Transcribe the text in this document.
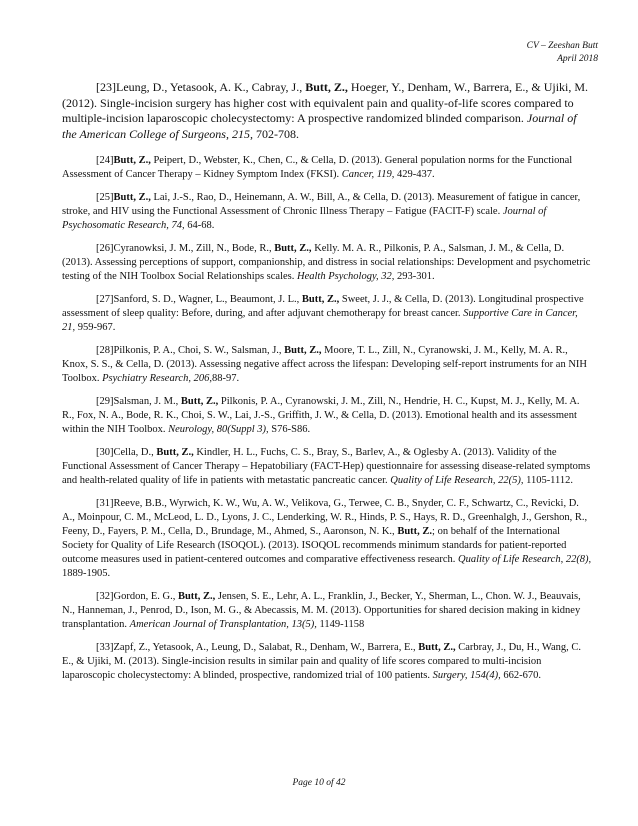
CV – Zeeshan Butt
April 2018

[23]Leung, D., Yetasook, A. K., Cabray, J., Butt, Z., Hoeger, Y., Denham, W., Barrera, E., & Ujiki, M. (2012). Single-incision surgery has higher cost with equivalent pain and quality-of-life scores compared to multiple-incision laparoscopic cholecystectomy: A prospective randomized blinded comparison. Journal of the American College of Surgeons, 215, 702-708.

[24]Butt, Z., Peipert, D., Webster, K., Chen, C., & Cella, D. (2013). General population norms for the Functional Assessment of Cancer Therapy – Kidney Symptom Index (FKSI). Cancer, 119, 429-437.

[25]Butt, Z., Lai, J.-S., Rao, D., Heinemann, A. W., Bill, A., & Cella, D. (2013). Measurement of fatigue in cancer, stroke, and HIV using the Functional Assessment of Chronic Illness Therapy – Fatigue (FACIT-F) scale. Journal of Psychosomatic Research, 74, 64-68.

[26]Cyranowksi, J. M., Zill, N., Bode, R., Butt, Z., Kelly. M. A. R., Pilkonis, P. A., Salsman, J. M., & Cella, D. (2013). Assessing perceptions of support, companionship, and distress in social relationships: Development and psychometric testing of the NIH Toolbox Social Relationships scales. Health Psychology, 32, 293-301.

[27]Sanford, S. D., Wagner, L., Beaumont, J. L., Butt, Z., Sweet, J. J., & Cella, D. (2013). Longitudinal prospective assessment of sleep quality: Before, during, and after adjuvant chemotherapy for breast cancer. Supportive Care in Cancer, 21, 959-967.

[28]Pilkonis, P. A., Choi, S. W., Salsman, J., Butt, Z., Moore, T. L., Zill, N., Cyranowski, J. M., Kelly, M. A. R., Knox, S. S., & Cella, D. (2013). Assessing negative affect across the lifespan: Developing self-report instruments for an NIH Toolbox. Psychiatry Research, 206,88-97.

[29]Salsman, J. M., Butt, Z., Pilkonis, P. A., Cyranowski, J. M., Zill, N., Hendrie, H. C., Kupst, M. J., Kelly, M. A. R., Fox, N. A., Bode, R. K., Choi, S. W., Lai, J.-S., Griffith, J. W., & Cella, D. (2013). Emotional health and its assessment within the NIH Toolbox. Neurology, 80(Suppl 3), S76-S86.

[30]Cella, D., Butt, Z., Kindler, H. L., Fuchs, C. S., Bray, S., Barlev, A., & Oglesby A. (2013). Validity of the Functional Assessment of Cancer Therapy – Hepatobiliary (FACT-Hep) questionnaire for assessing disease-related symptoms and health-related quality of life in patients with metastatic pancreatic cancer. Quality of Life Research, 22(5), 1105-1112.

[31]Reeve, B.B., Wyrwich, K. W., Wu, A. W., Velikova, G., Terwee, C. B., Snyder, C. F., Schwartz, C., Revicki, D. A., Moinpour, C. M., McLeod, L. D., Lyons, J. C., Lenderking, W. R., Hinds, P. S., Hays, R. D., Greenhalgh, J., Gershon, R., Feeny, D., Fayers, P. M., Cella, D., Brundage, M., Ahmed, S., Aaronson, N. K., Butt, Z.; on behalf of the International Society for Quality of Life Research (ISOQOL). (2013). ISOQOL recommends minimum standards for patient-reported outcome measures used in patient-centered outcomes and comparative effectiveness research. Quality of Life Research, 22(8), 1889-1905.

[32]Gordon, E. G., Butt, Z., Jensen, S. E., Lehr, A. L., Franklin, J., Becker, Y., Sherman, L., Chon. W. J., Beauvais, N., Hanneman, J., Penrod, D., Ison, M. G., & Abecassis, M. M. (2013). Opportunities for shared decision making in kidney transplantation. American Journal of Transplantation, 13(5), 1149-1158

[33]Zapf, Z., Yetasook, A., Leung, D., Salabat, R., Denham, W., Barrera, E., Butt, Z., Carbray, J., Du, H., Wang, C. E., & Ujiki, M. (2013). Single-incision results in similar pain and quality of life scores compared to multi-incision laparoscopic cholecystectomy: A blinded, prospective, randomized trial of 100 patients. Surgery, 154(4), 662-670.

Page 10 of 42
